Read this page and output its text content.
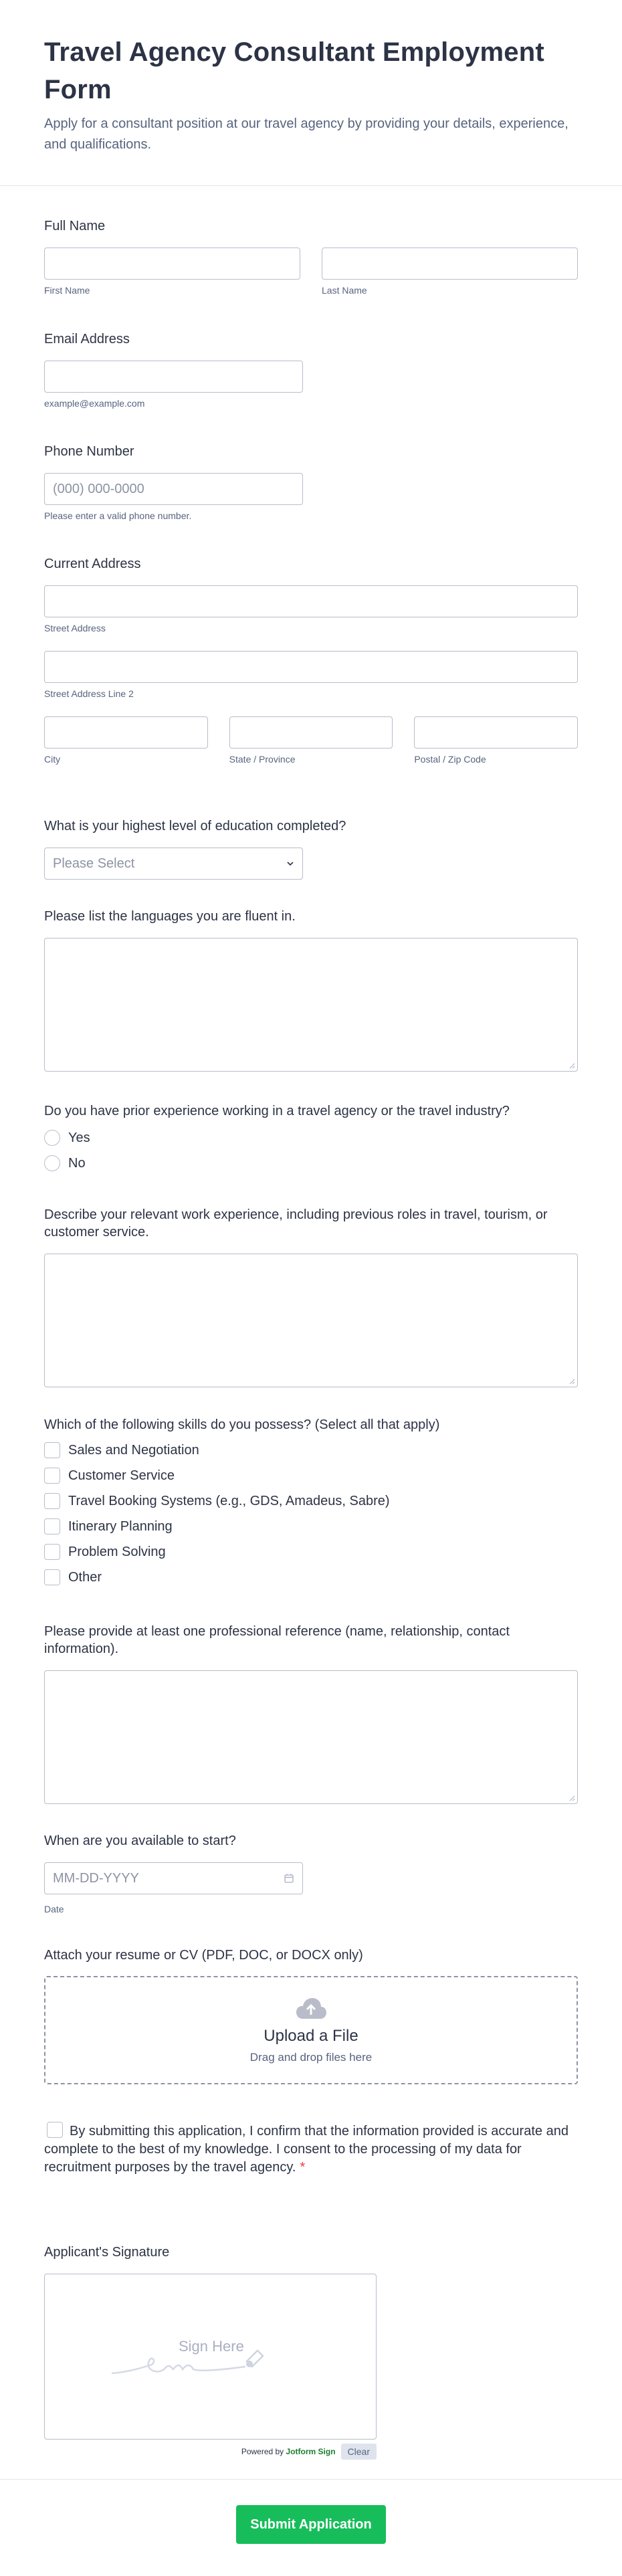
Travel Agency Consultant Employment Form

Apply for a consultant position at our travel agency by providing your details, experience, and qualifications.

Full Name
First Name	Last Name
Email Address
example@example.com
Phone Number
(000) 000-0000
Please enter a valid phone number.
Current Address
Street Address
Street Address Line 2
City	State / Province	Postal / Zip Code
What is your highest level of education completed?
Please Select
Please list the languages you are fluent in.
Do you have prior experience working in a travel agency or the travel industry?
Yes
No
Describe your relevant work experience, including previous roles in travel, tourism, or customer service.
Which of the following skills do you possess? (Select all that apply)
Sales and Negotiation
Customer Service
Travel Booking Systems (e.g., GDS, Amadeus, Sabre)
Itinerary Planning
Problem Solving
Other
Please provide at least one professional reference (name, relationship, contact information).
When are you available to start?
MM-DD-YYYY
Date
Attach your resume or CV (PDF, DOC, or DOCX only)
Upload a File
Drag and drop files here
By submitting this application, I confirm that the information provided is accurate and complete to the best of my knowledge. I consent to the processing of my data for recruitment purposes by the travel agency. *
Applicant's Signature
Sign Here
Powered by Jotform Sign	Clear
Submit Application
